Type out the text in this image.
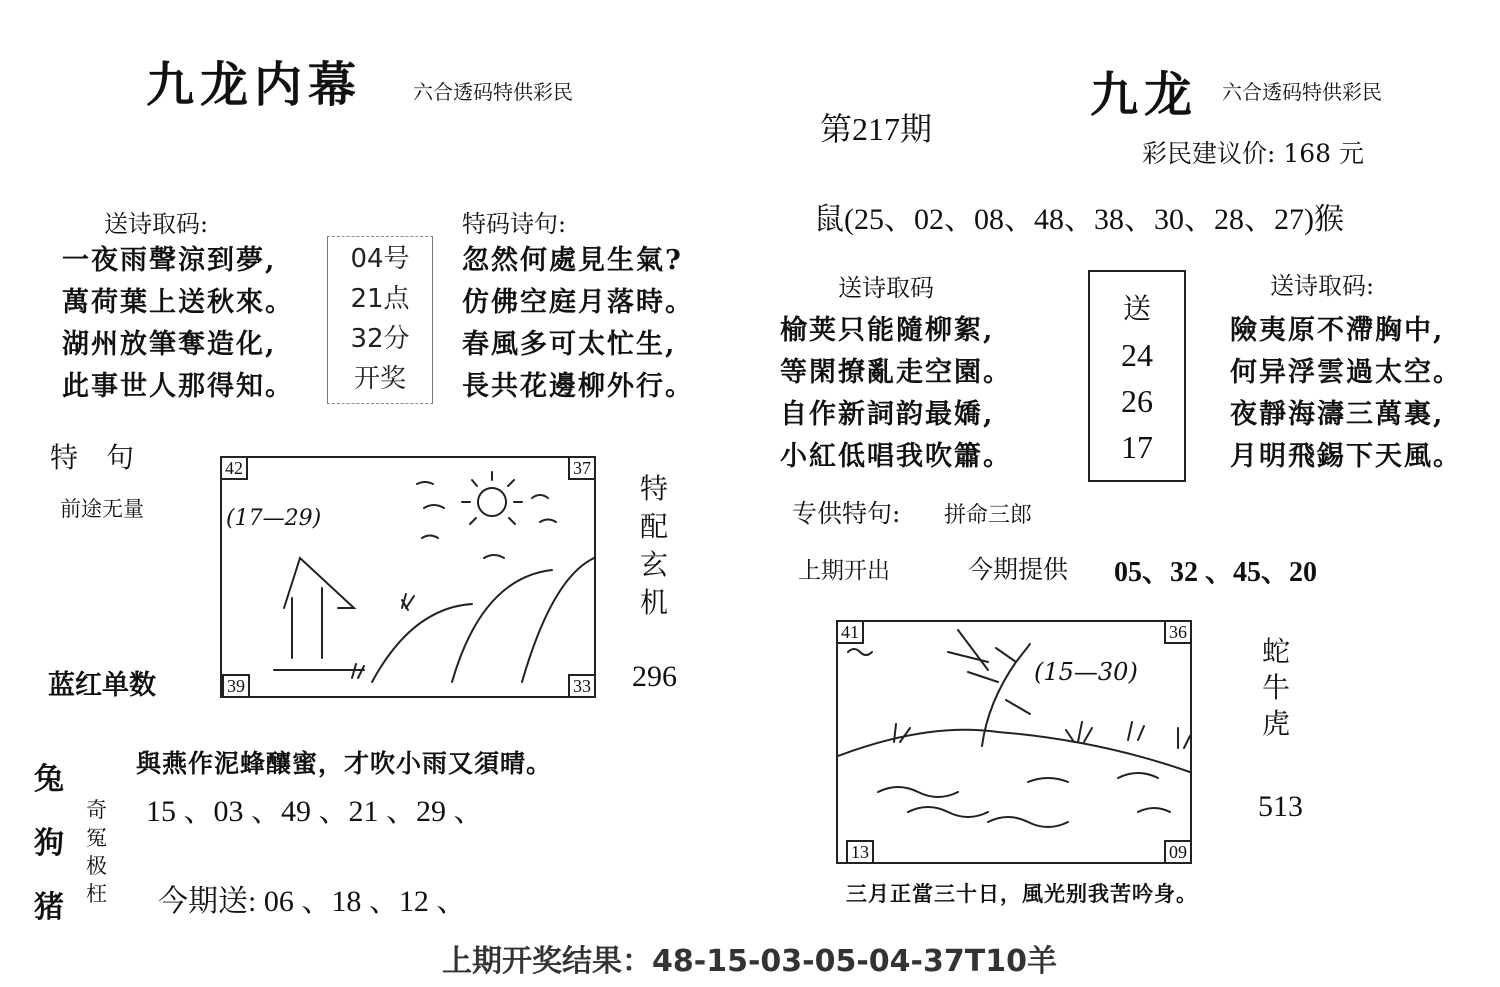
九龙内幕	六合透码特供彩民
送诗取码:
一夜雨聲涼到夢,
萬荷葉上送秋來。
湖州放筆奪造化,
此事世人那得知。
04号
21点
32分
开奖
特码诗句:
忽然何處見生氣?
仿佛空庭月落時。
春風多可太忙生,
長共花邊柳外行。
特　句
前途无量	(17—29)
42	37
39	33
特
配
玄
机
296
蓝红单数
兔
狗
猪
奇
冤
极
枉
與燕作泥蜂釀蜜，才吹小雨又須晴。
15 、03 、49 、21 、29 、
今期送: 06 、18 、12 、
九龙 六合透码特供彩民
第217期
彩民建议价: 168 元
鼠(25、02、08、48、38、30、28、27)猴
送诗取码
榆荚只能隨柳絮,
等閑撩亂走空園。
自作新詞韵最嬌,
小紅低唱我吹簫。
送
24
26
17
送诗取码:
險夷原不滯胸中,
何异浮雲過太空。
夜靜海濤三萬裏,
月明飛錫下天風。
专供特句: 拼命三郎
上期开出	今期提供 05、32 、45、20
(15—30)
41	36
13	09
蛇
牛
虎
513
三月正當三十日，風光别我苦吟身。
上期开奖结果：48-15-03-05-04-37T10羊
